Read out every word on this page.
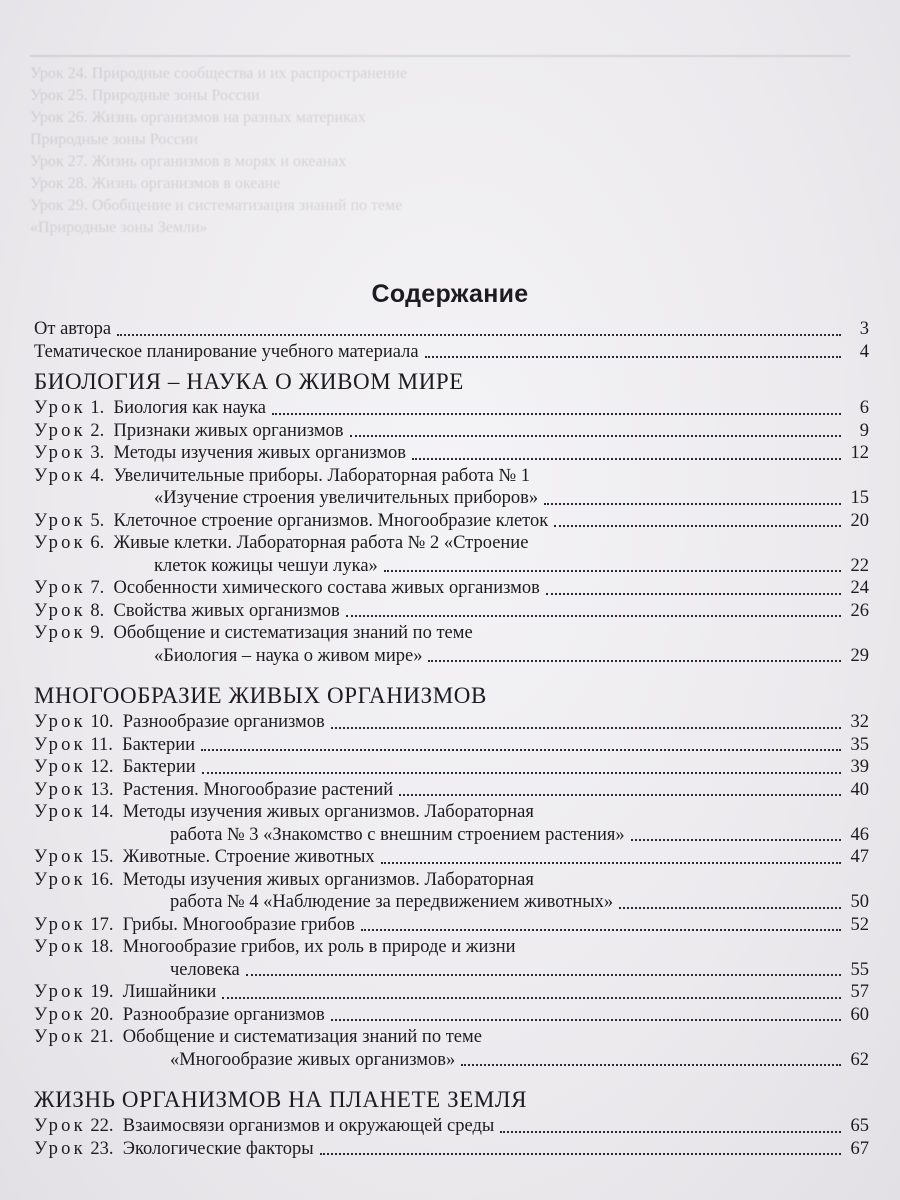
Урок 24. Природные сообщества и их распространение
Урок 25. Природные зоны России
Урок 26. Жизнь организмов на разных материках
Природные зоны России
Урок 27. Жизнь организмов в морях и океанах
Урок 28. Жизнь организмов в океане
Урок 29. Обобщение и систематизация знаний по теме
«Природные зоны Земли»
Содержание
От автора	3
Тематическое планирование учебного материала	4
БИОЛОГИЯ – НАУКА О ЖИВОМ МИРЕ
Урок 1. Биология как наука	6
Урок 2. Признаки живых организмов	9
Урок 3. Методы изучения живых организмов	12
Урок 4. Увеличительные приборы. Лабораторная работа № 1
«Изучение строения увеличительных приборов»	15
Урок 5. Клеточное строение организмов. Многообразие клеток	20
Урок 6. Живые клетки. Лабораторная работа № 2 «Строение
клеток кожицы чешуи лука»	22
Урок 7. Особенности химического состава живых организмов	24
Урок 8. Свойства живых организмов	26
Урок 9. Обобщение и систематизация знаний по теме
«Биология – наука о живом мире»	29
МНОГООБРАЗИЕ ЖИВЫХ ОРГАНИЗМОВ
Урок 10. Разнообразие организмов	32
Урок 11. Бактерии	35
Урок 12. Бактерии	39
Урок 13. Растения. Многообразие растений	40
Урок 14. Методы изучения живых организмов. Лабораторная
работа № 3 «Знакомство с внешним строением растения»	46
Урок 15. Животные. Строение животных	47
Урок 16. Методы изучения живых организмов. Лабораторная
работа № 4 «Наблюдение за передвижением животных»	50
Урок 17. Грибы. Многообразие грибов	52
Урок 18. Многообразие грибов, их роль в природе и жизни
человека	55
Урок 19. Лишайники	57
Урок 20. Разнообразие организмов	60
Урок 21. Обобщение и систематизация знаний по теме
«Многообразие живых организмов»	62
ЖИЗНЬ ОРГАНИЗМОВ НА ПЛАНЕТЕ ЗЕМЛЯ
Урок 22. Взаимосвязи организмов и окружающей среды	65
Урок 23. Экологические факторы	67
